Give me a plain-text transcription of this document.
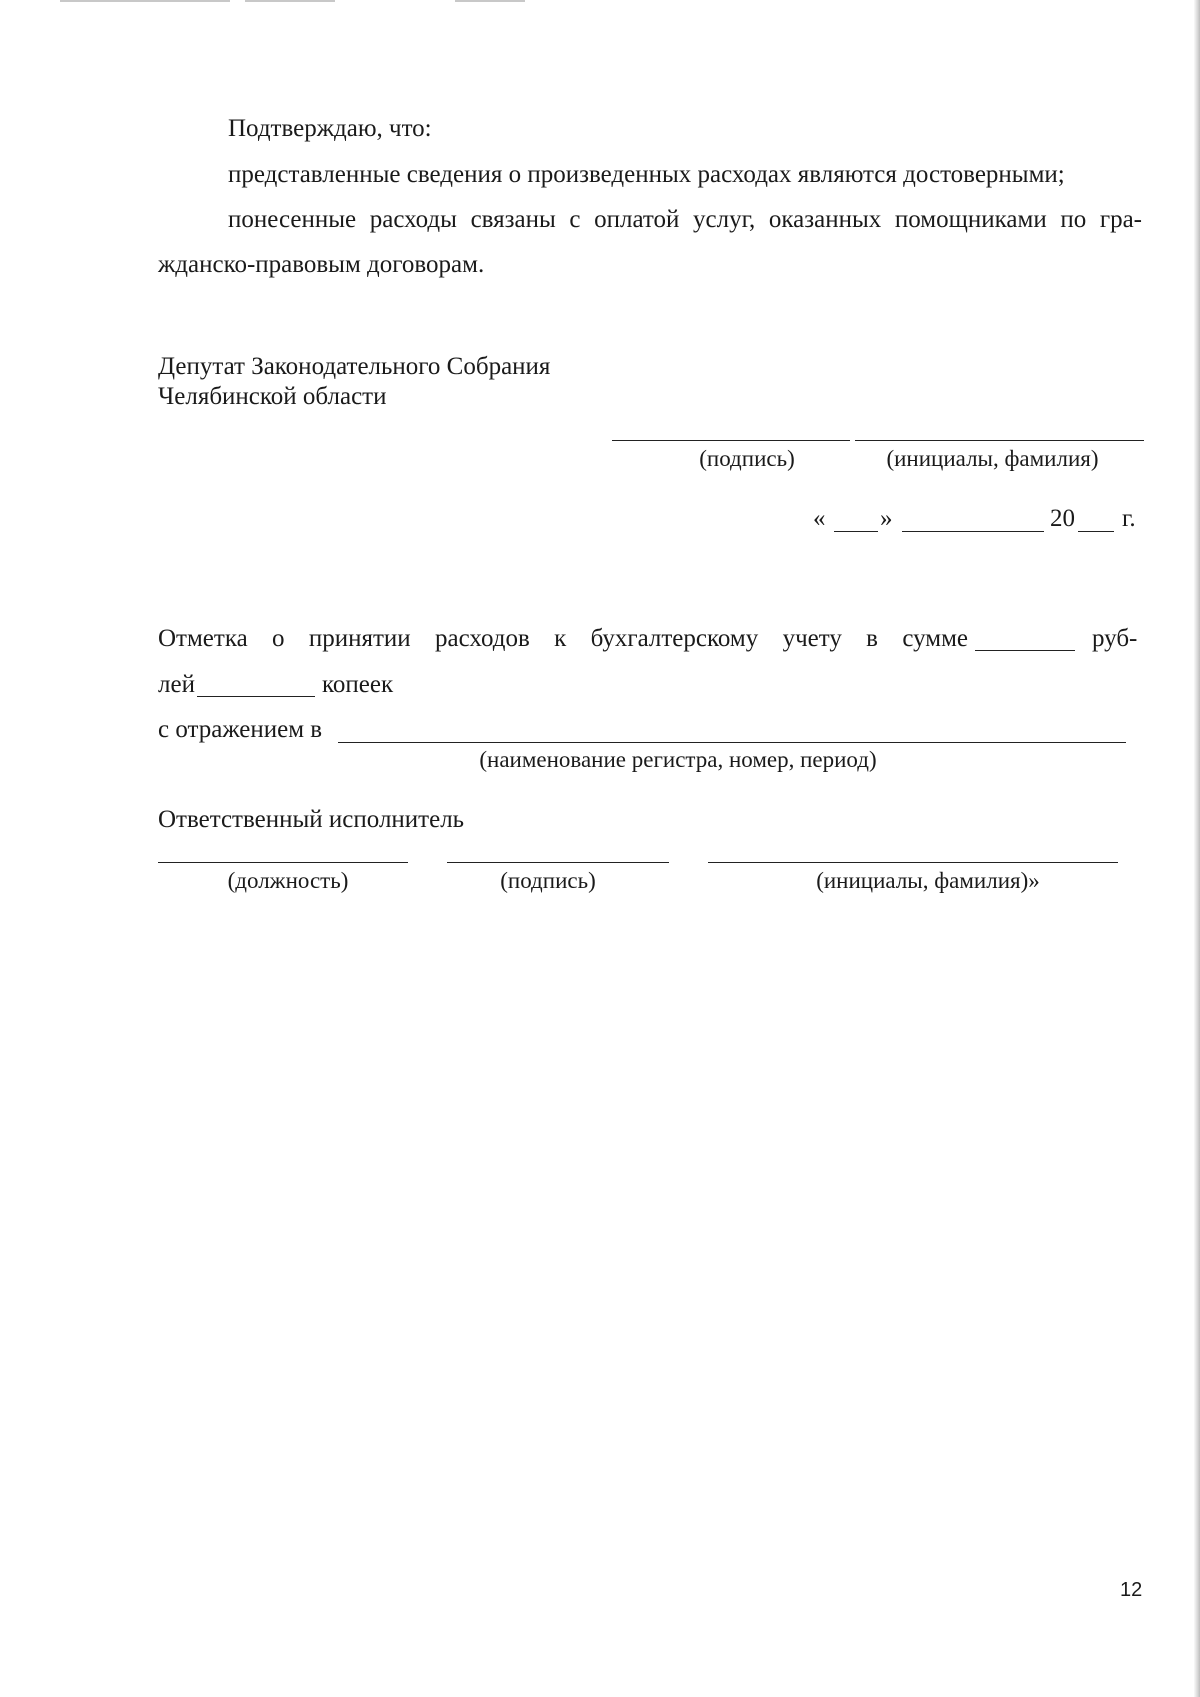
Подтверждаю, что:
представленные сведения о произведенных расходах являются достоверными;
понесенные расходы связаны с оплатой услуг, оказанных помощниками по гра-
жданско-правовым договорам.
Депутат Законодательного Собрания
Челябинской области
(подпись)	(инициалы, фамилия)
« »	20 г.
Отметка о принятии расходов к бухгалтерскому учету в сумме	руб-
лей	копеек
с отражением в
(наименование регистра, номер, период)
Ответственный исполнитель
(должность)	(подпись)	(инициалы, фамилия)»
12
